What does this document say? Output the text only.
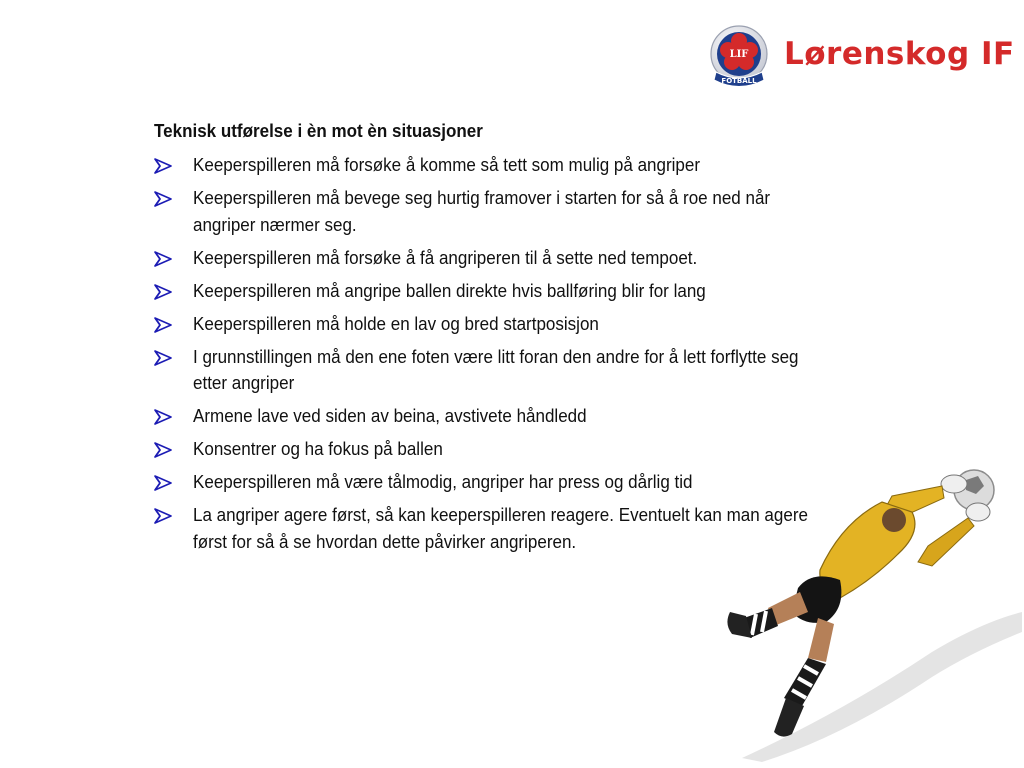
LIF
FOTBALL
Lørenskog IF
Teknisk utførelse i èn mot èn situasjoner
Keeperspilleren må forsøke å komme så tett som mulig på angriper
Keeperspilleren må bevege seg hurtig framover i starten for så å roe ned når angriper nærmer seg.
Keeperspilleren må forsøke å få angriperen til å sette ned tempoet.
Keeperspilleren må angripe ballen direkte hvis ballføring blir for lang
Keeperspilleren må holde en lav og bred startposisjon
I grunnstillingen må den ene foten være litt foran den andre for å lett forflytte seg etter angriper
Armene lave ved siden av beina, avstivete håndledd
Konsentrer og ha fokus på ballen
Keeperspilleren må være tålmodig, angriper har press og dårlig tid
La angriper agere først, så kan keeperspilleren reagere. Eventuelt kan man agere først for så å se hvordan dette påvirker angriperen.
